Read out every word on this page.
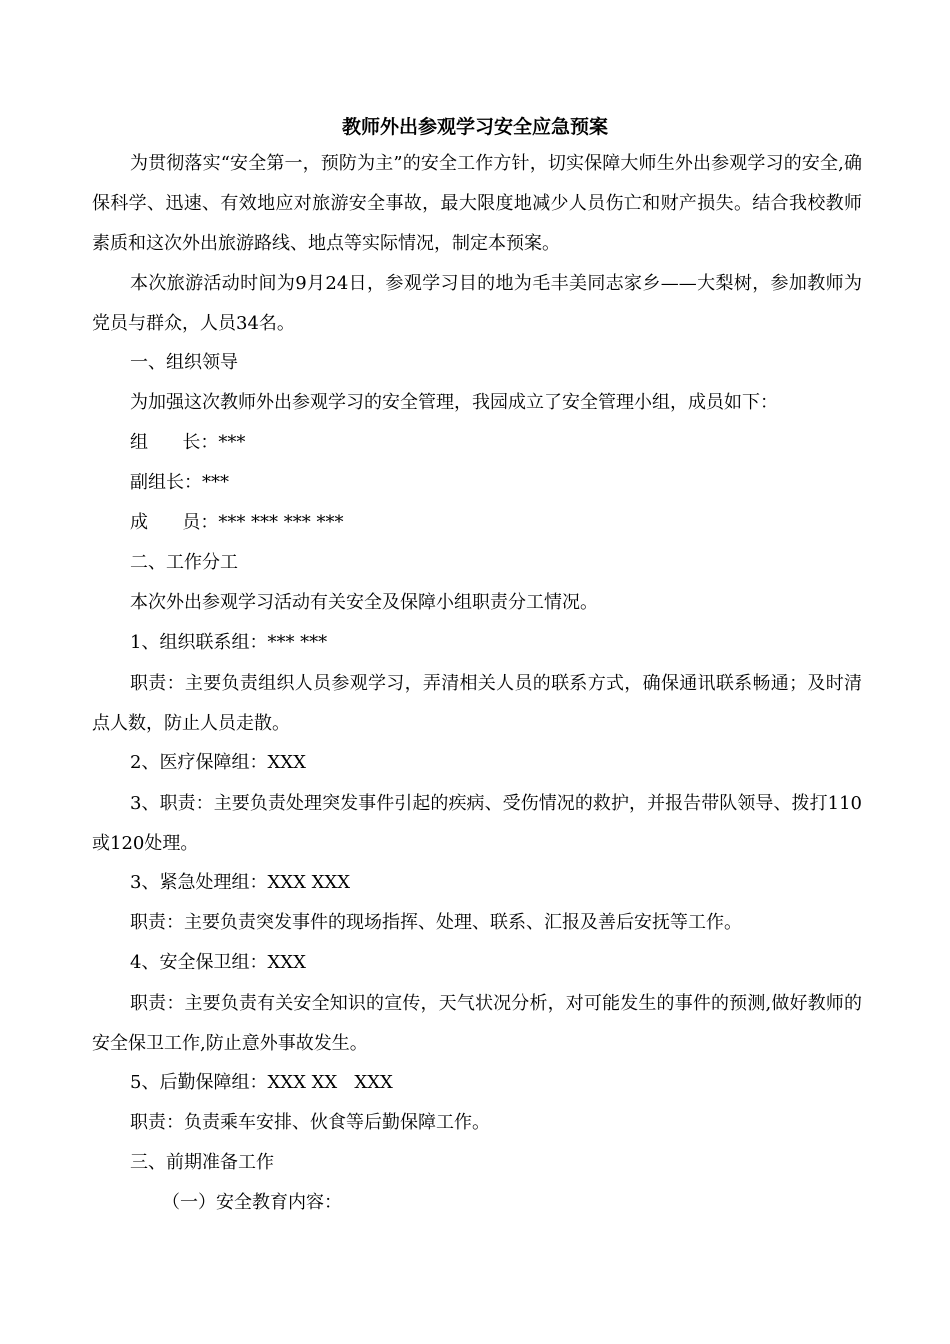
教师外出参观学习安全应急预案
为贯彻落实“安全第一，预防为主”的安全工作方针，切实保障大师生外出参观学习的安全,确保科学、迅速、有效地应对旅游安全事故，最大限度地减少人员伤亡和财产损失。结合我校教师素质和这次外出旅游路线、地点等实际情况，制定本预案。
本次旅游活动时间为9月24日，参观学习目的地为毛丰美同志家乡——大梨树，参加教师为党员与群众，人员34名。
一、组织领导
为加强这次教师外出参观学习的安全管理，我园成立了安全管理小组，成员如下：
组      长：***
副组长：***
成      员：*** *** *** ***
二、工作分工
本次外出参观学习活动有关安全及保障小组职责分工情况。
1、组织联系组：*** ***
职责：主要负责组织人员参观学习，弄清相关人员的联系方式，确保通讯联系畅通；及时清点人数，防止人员走散。
2、医疗保障组：XXX
3、职责：主要负责处理突发事件引起的疾病、受伤情况的救护，并报告带队领导、拨打110或120处理。
3、紧急处理组：XXX XXX
职责：主要负责突发事件的现场指挥、处理、联系、汇报及善后安抚等工作。
4、安全保卫组：XXX
职责：主要负责有关安全知识的宣传，天气状况分析，对可能发生的事件的预测,做好教师的安全保卫工作,防止意外事故发生。
5、后勤保障组：XXX XX   XXX
职责：负责乘车安排、伙食等后勤保障工作。
三、前期准备工作
（一）安全教育内容：
